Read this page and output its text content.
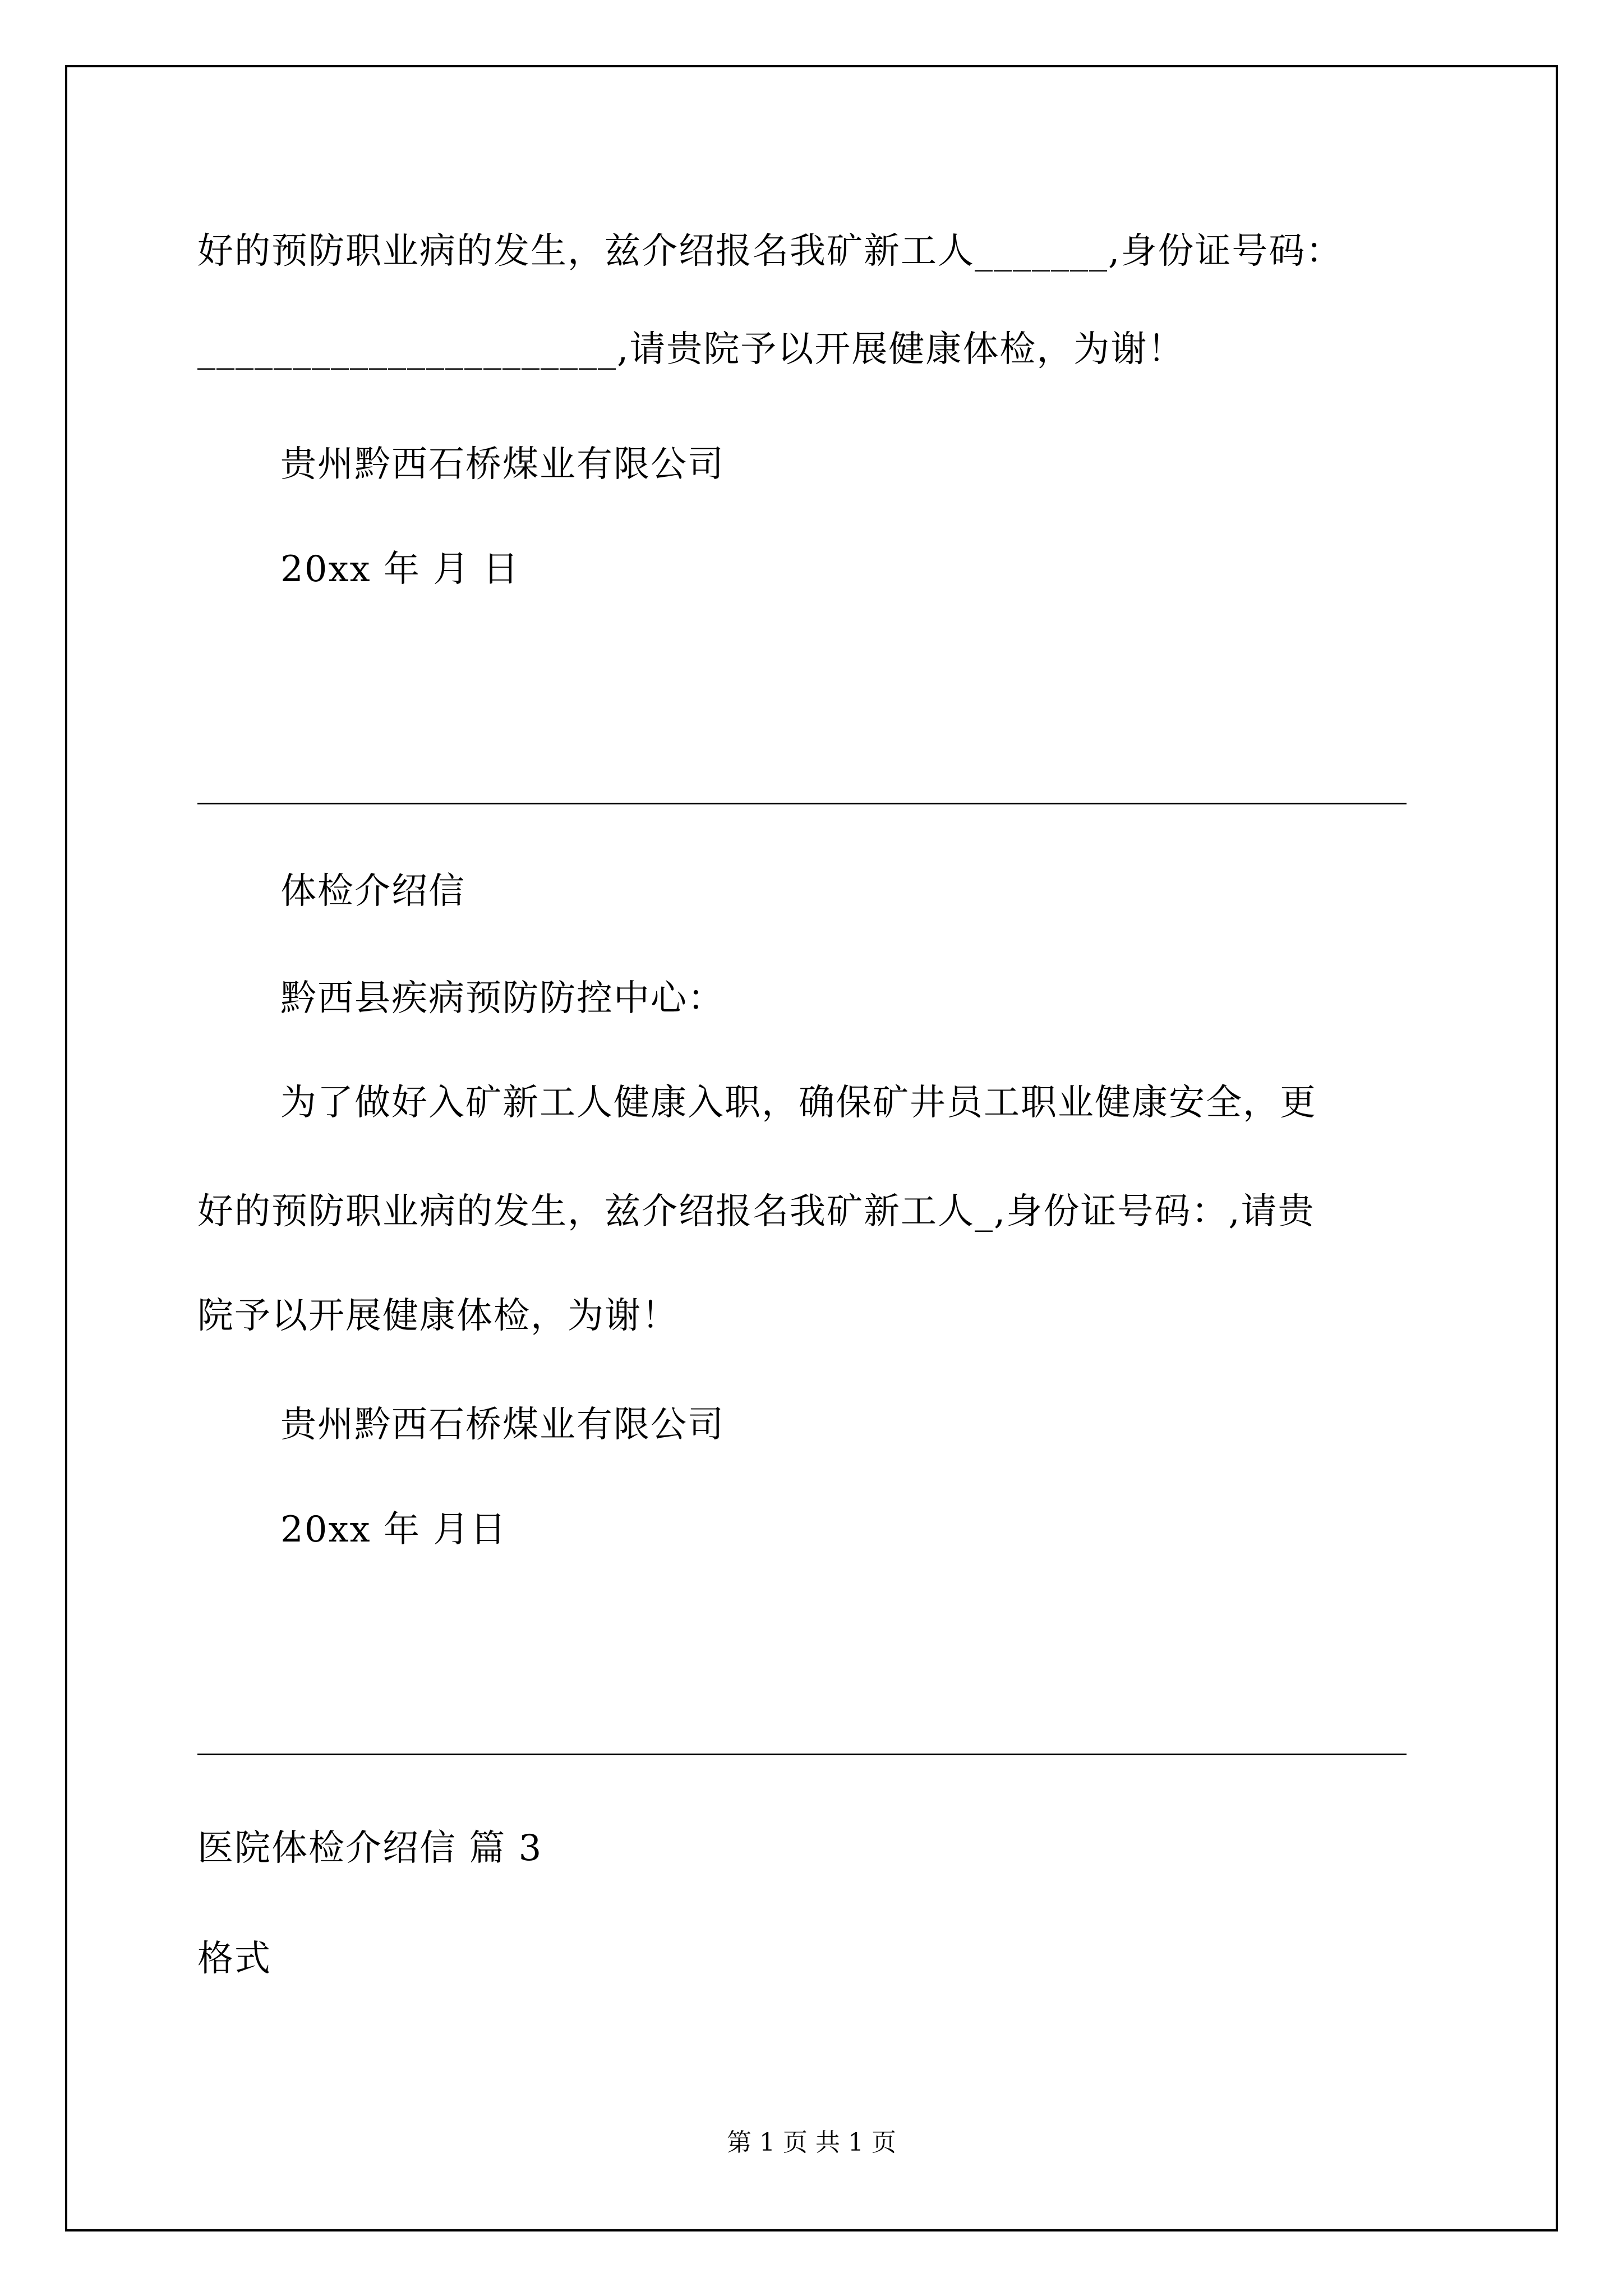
好的预防职业病的发生，兹介绍报名我矿新工人_______,身份证号码：
______________________,请贵院予以开展健康体检，为谢！
贵州黔西石桥煤业有限公司
20xx 年 月 日
体检介绍信
黔西县疾病预防防控中心：
为了做好入矿新工人健康入职，确保矿井员工职业健康安全，更
好的预防职业病的发生，兹介绍报名我矿新工人_,身份证号码：,请贵
院予以开展健康体检，为谢！
贵州黔西石桥煤业有限公司
20xx 年 月日
医院体检介绍信 篇 3
格式
第 1 页 共 1 页
